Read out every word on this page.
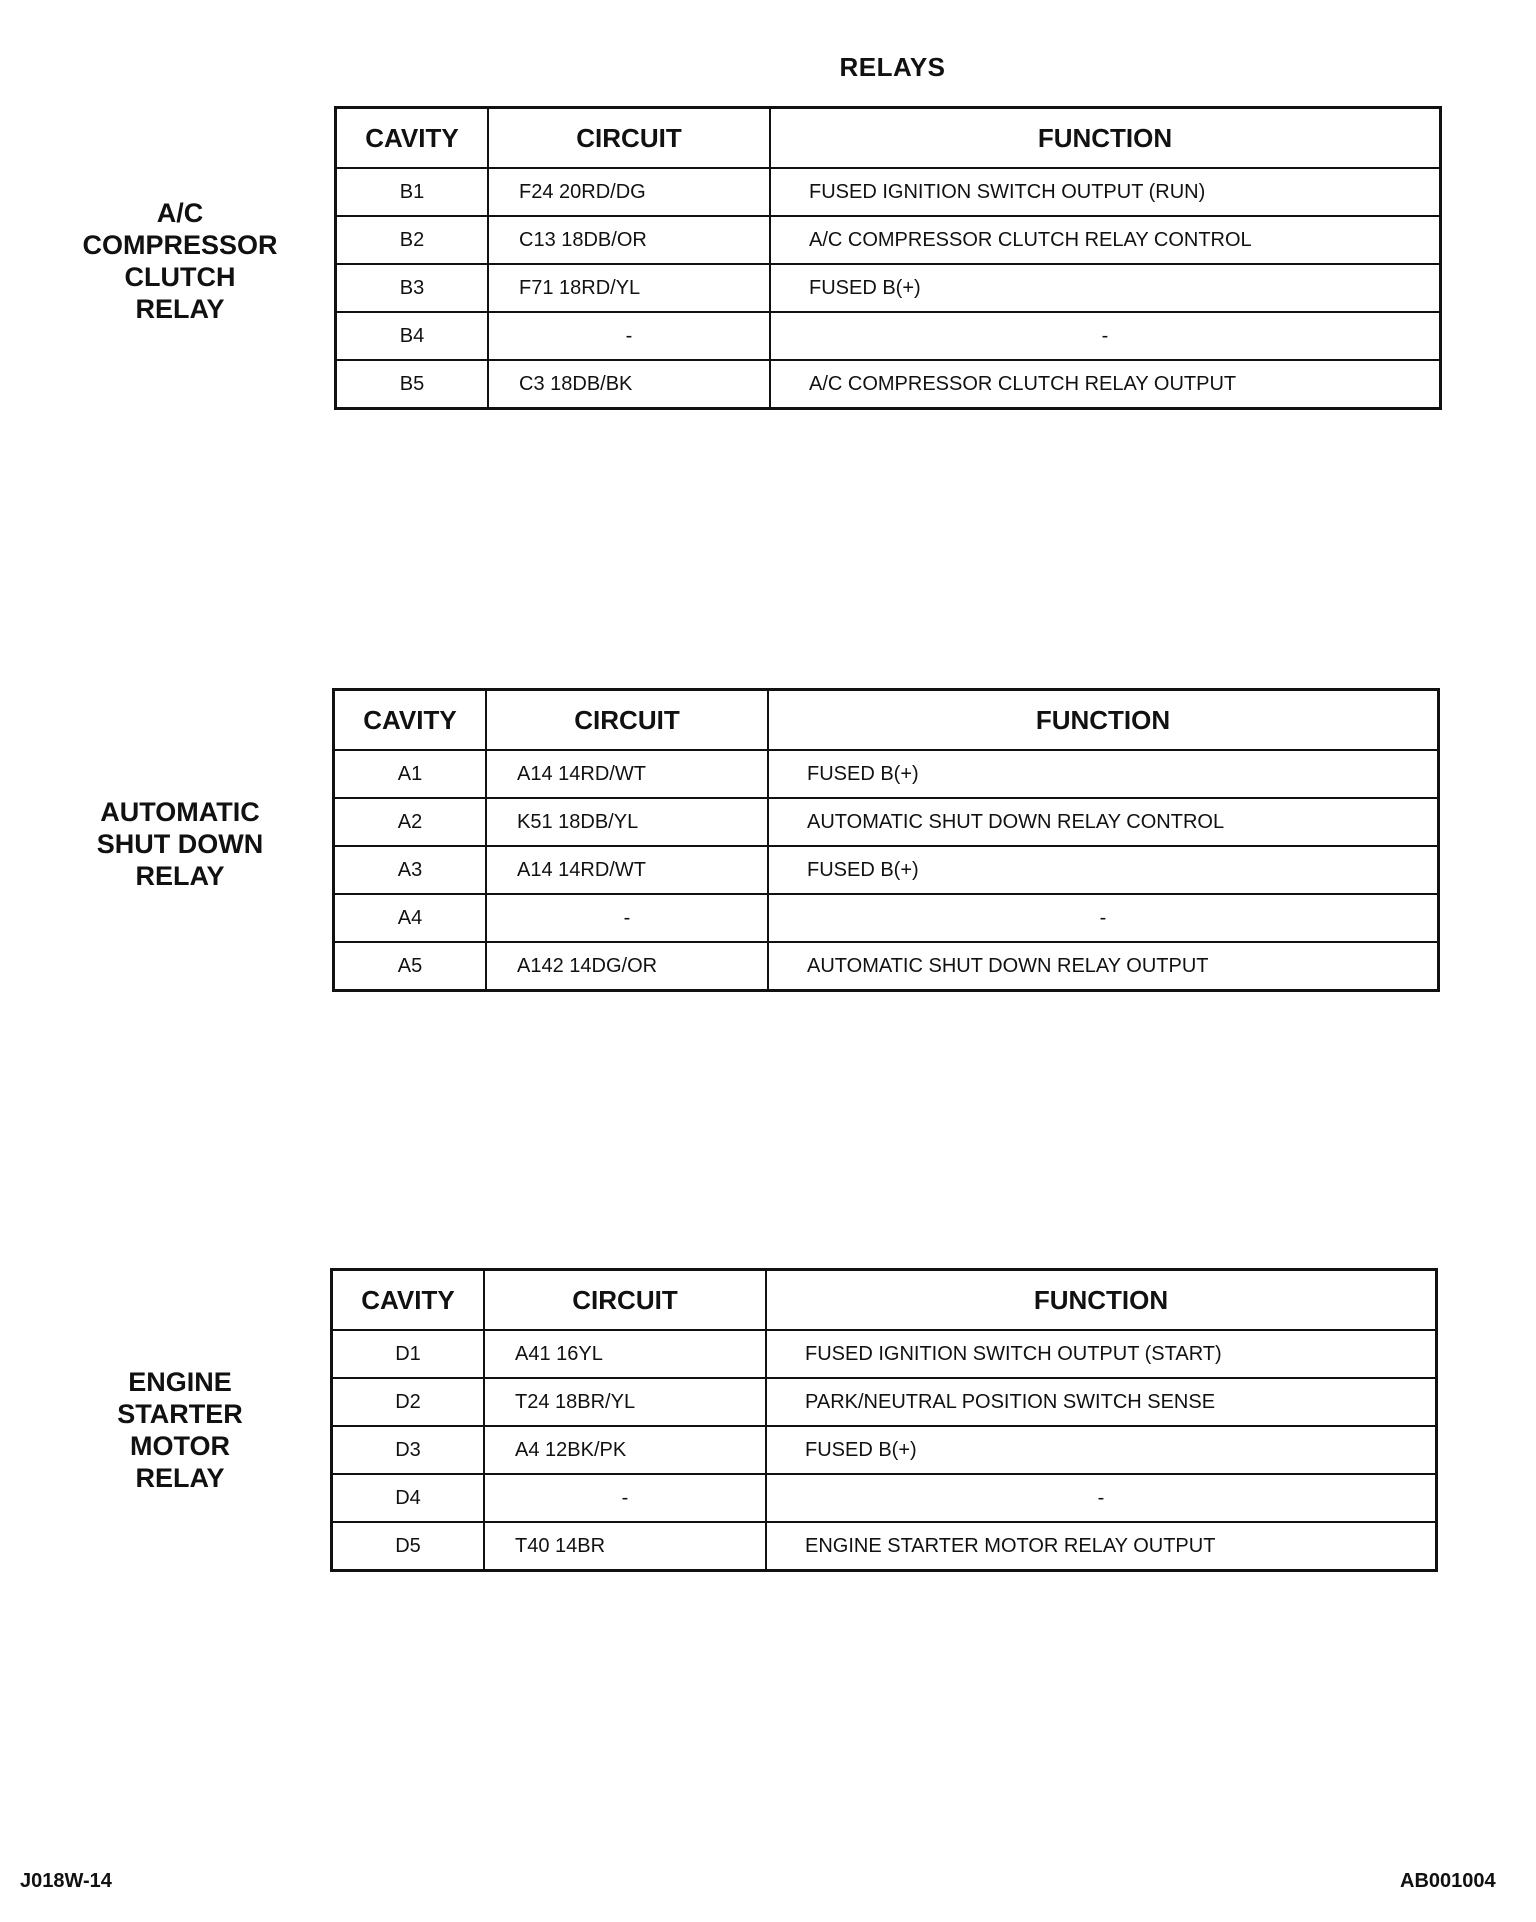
RELAYS
A/C
COMPRESSOR
CLUTCH
RELAY
CAVITY	CIRCUIT	FUNCTION
B1	F24 20RD/DG	FUSED IGNITION SWITCH OUTPUT (RUN)
B2	C13 18DB/OR	A/C COMPRESSOR CLUTCH RELAY CONTROL
B3	F71 18RD/YL	FUSED B(+)
B4	-	-
B5	C3 18DB/BK	A/C COMPRESSOR CLUTCH RELAY OUTPUT
AUTOMATIC
SHUT DOWN
RELAY
CAVITY	CIRCUIT	FUNCTION
A1	A14 14RD/WT	FUSED B(+)
A2	K51 18DB/YL	AUTOMATIC SHUT DOWN RELAY CONTROL
A3	A14 14RD/WT	FUSED B(+)
A4	-	-
A5	A142 14DG/OR	AUTOMATIC SHUT DOWN RELAY OUTPUT
ENGINE
STARTER
MOTOR
RELAY
CAVITY	CIRCUIT	FUNCTION
D1	A41 16YL	FUSED IGNITION SWITCH OUTPUT (START)
D2	T24 18BR/YL	PARK/NEUTRAL POSITION SWITCH SENSE
D3	A4 12BK/PK	FUSED B(+)
D4	-	-
D5	T40 14BR	ENGINE STARTER MOTOR RELAY OUTPUT
J018W-14	AB001004
